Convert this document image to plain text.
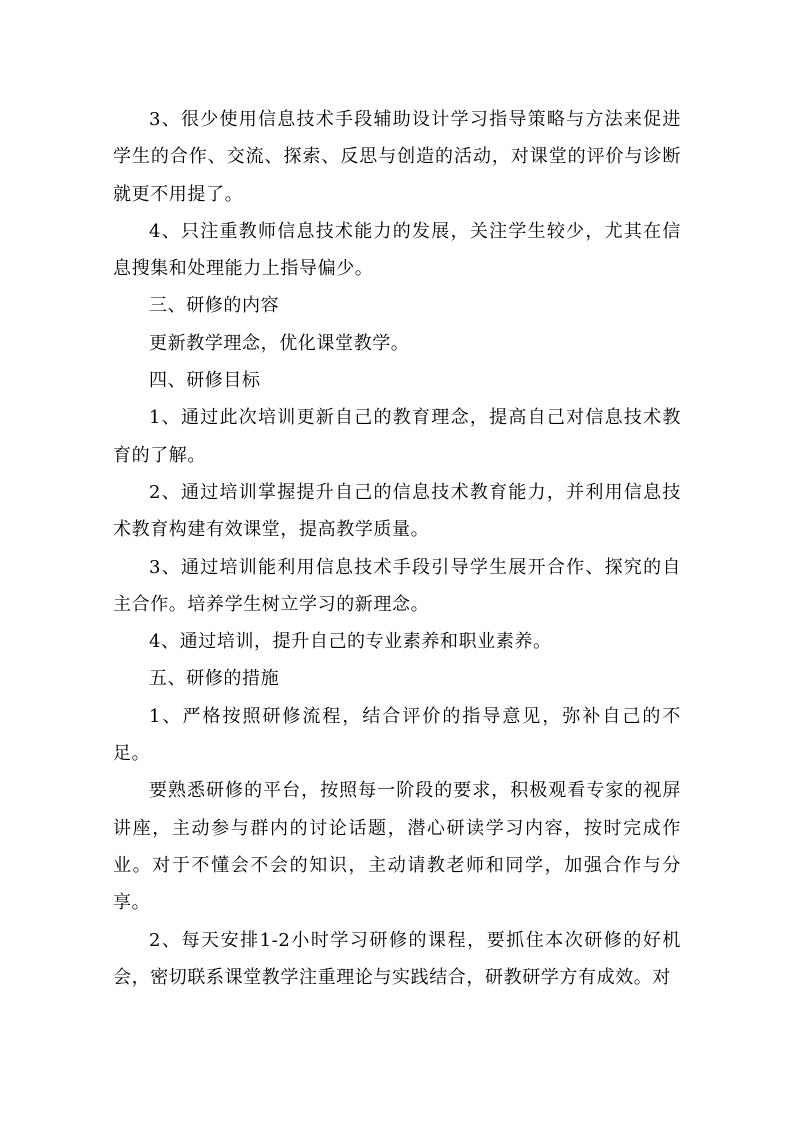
3、很少使用信息技术手段辅助设计学习指导策略与方法来促进学生的合作、交流、探索、反思与创造的活动，对课堂的评价与诊断就更不用提了。

4、只注重教师信息技术能力的发展，关注学生较少，尤其在信息搜集和处理能力上指导偏少。

三、研修的内容

更新教学理念，优化课堂教学。

四、研修目标

1、通过此次培训更新自己的教育理念，提高自己对信息技术教育的了解。

2、通过培训掌握提升自己的信息技术教育能力，并利用信息技术教育构建有效课堂，提高教学质量。

3、通过培训能利用信息技术手段引导学生展开合作、探究的自主合作。培养学生树立学习的新理念。

4、通过培训，提升自己的专业素养和职业素养。

五、研修的措施

1、严格按照研修流程，结合评价的指导意见，弥补自己的不足。

要熟悉研修的平台，按照每一阶段的要求，积极观看专家的视屏讲座，主动参与群内的讨论话题，潜心研读学习内容，按时完成作业。对于不懂会不会的知识，主动请教老师和同学，加强合作与分享。

2、每天安排1-2小时学习研修的课程，要抓住本次研修的好机会，密切联系课堂教学注重理论与实践结合，研教研学方有成效。对
